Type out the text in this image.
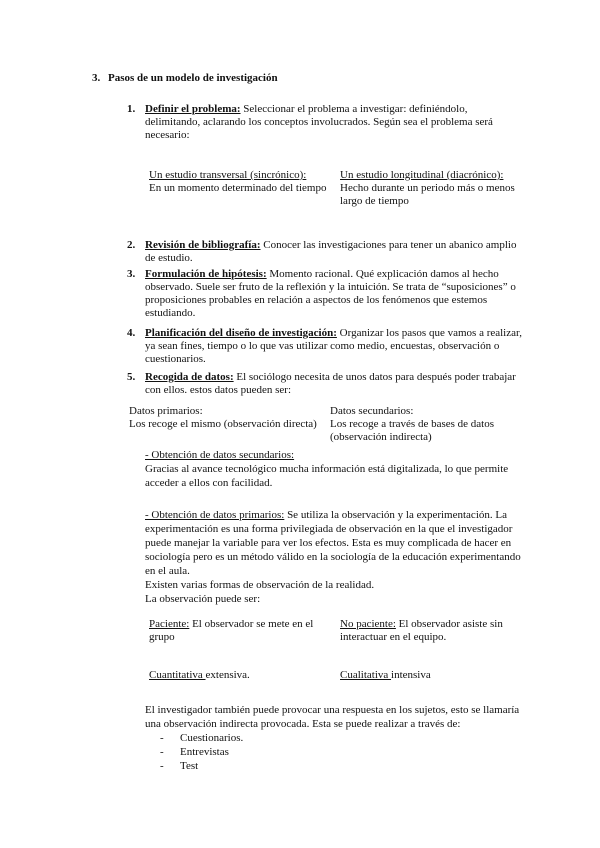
3. Pasos de un modelo de investigación
1. Definir el problema: Seleccionar el problema a investigar: definiéndolo,
delimitando, aclarando los conceptos involucrados. Según sea el problema será
necesario:
Un estudio transversal (sincrónico):
En un momento determinado del tiempo
Un estudio longitudinal (diacrónico):
Hecho durante un periodo más o menos
largo de tiempo
2. Revisión de bibliografía: Conocer las investigaciones para tener un abanico amplio
de estudio.
3. Formulación de hipótesis: Momento racional. Qué explicación damos al hecho
observado. Suele ser fruto de la reflexión y la intuición. Se trata de “suposiciones” o
proposiciones probables en relación a aspectos de los fenómenos que estemos
estudiando.
4. Planificación del diseño de investigación: Organizar los pasos que vamos a realizar,
ya sean fines, tiempo o lo que vas utilizar como medio, encuestas, observación o
cuestionarios.
5. Recogida de datos: El sociólogo necesita de unos datos para después poder trabajar
con ellos. estos datos pueden ser:
Datos primarios:
Los recoge el mismo (observación directa)
Datos secundarios:
Los recoge a través de bases de datos
(observación indirecta)
- Obtención de datos secundarios:
Gracias al avance tecnológico mucha información está digitalizada, lo que permite
acceder a ellos con facilidad.
- Obtención de datos primarios: Se utiliza la observación y la experimentación. La
experimentación es una forma privilegiada de observación en la que el investigador
puede manejar la variable para ver los efectos. Esta es muy complicada de hacer en
sociología pero es un método válido en la sociología de la educación experimentando
en el aula.
Existen varias formas de observación de la realidad.
La observación puede ser:
Paciente: El observador se mete en el
grupo
No paciente: El observador asiste sin
interactuar en el equipo.
Cuantitativa extensiva.	Cualitativa intensiva
El investigador también puede provocar una respuesta en los sujetos, esto se llamaría
una observación indirecta provocada. Esta se puede realizar a través de:
- Cuestionarios.
- Entrevistas
- Test
